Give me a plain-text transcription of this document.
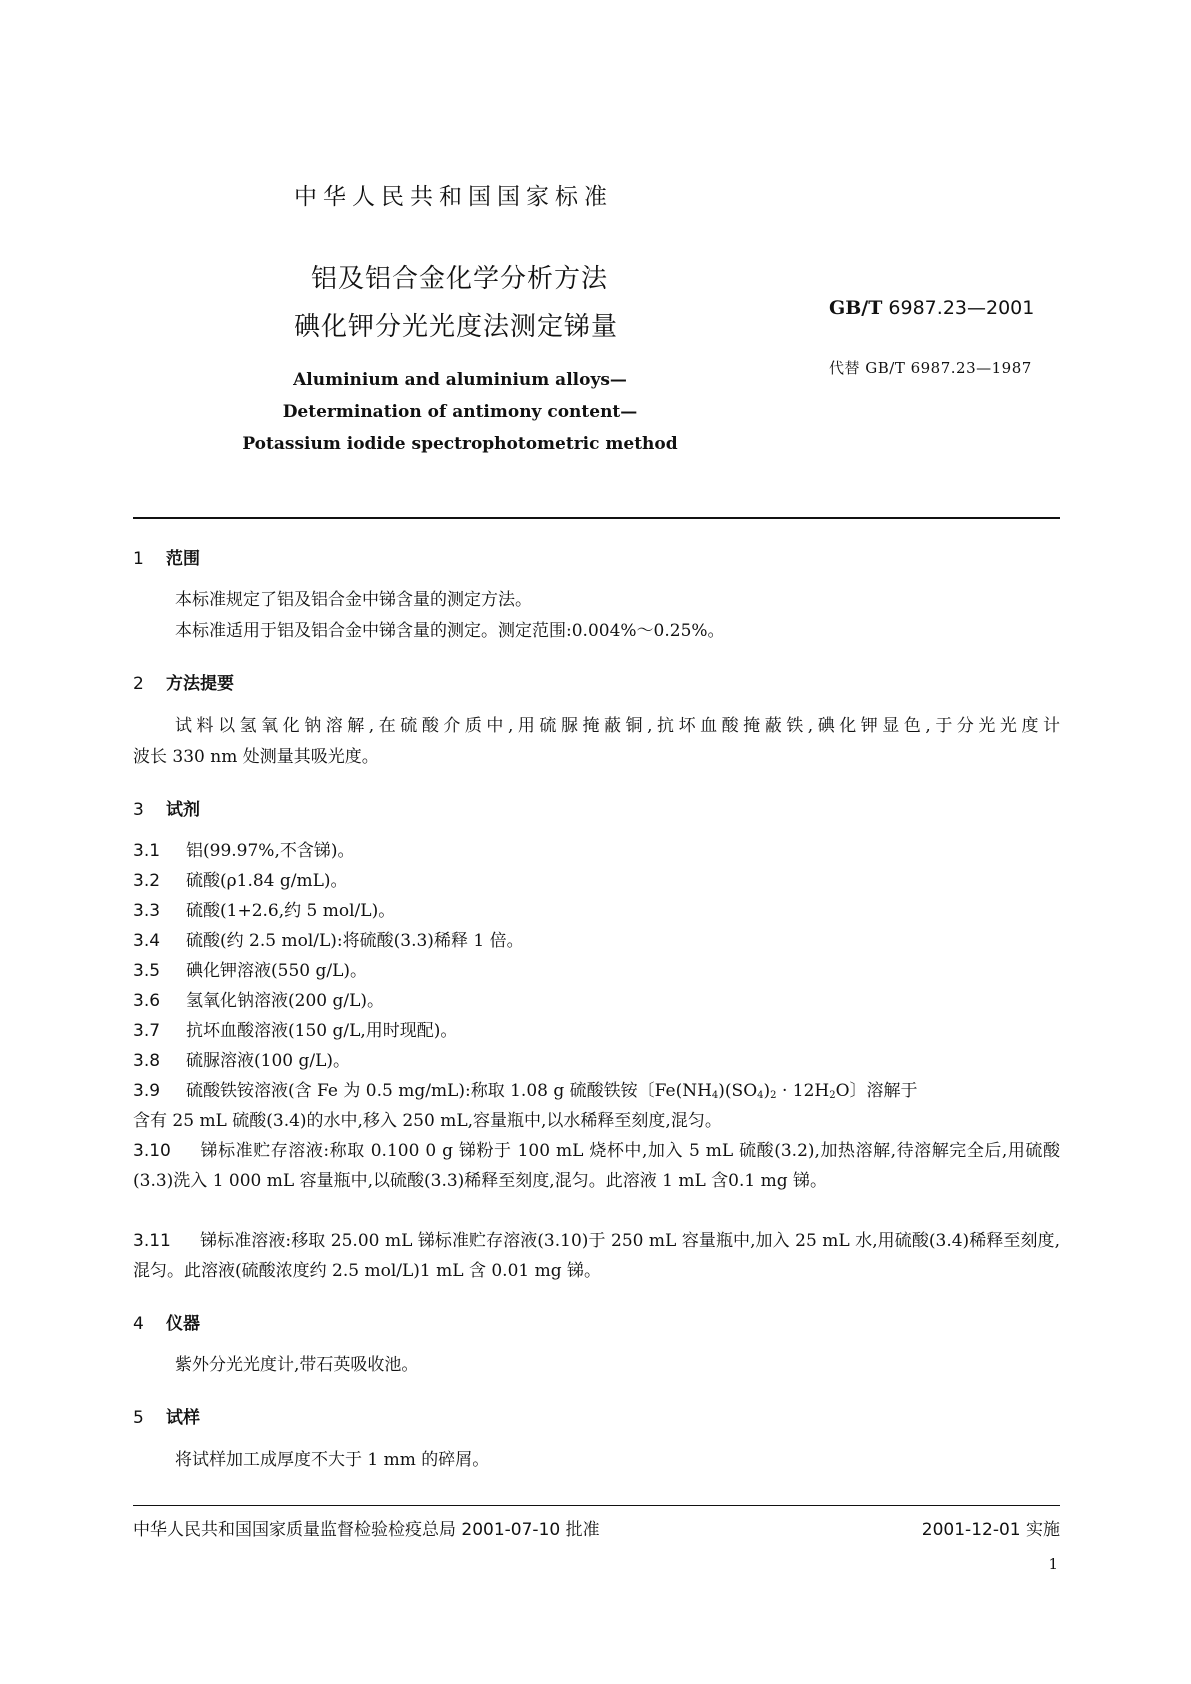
中华人民共和国国家标准
铝及铝合金化学分析方法
碘化钾分光光度法测定锑量
GB/T 6987.23—2001
代替 GB/T 6987.23—1987
Aluminium and aluminium alloys—
Determination of antimony content—
Potassium iodide spectrophotometric method
1 范围
本标准规定了铝及铝合金中锑含量的测定方法。
本标准适用于铝及铝合金中锑含量的测定。测定范围:0.004%～0.25%。
2 方法提要
试料以氢氧化钠溶解,在硫酸介质中,用硫脲掩蔽铜,抗坏血酸掩蔽铁,碘化钾显色,于分光光度计
波长 330 nm 处测量其吸光度。
3 试剂
3.1 铝(99.97%,不含锑)。
3.2 硫酸(ρ1.84 g/mL)。
3.3 硫酸(1+2.6,约 5 mol/L)。
3.4 硫酸(约 2.5 mol/L):将硫酸(3.3)稀释 1 倍。
3.5 碘化钾溶液(550 g/L)。
3.6 氢氧化钠溶液(200 g/L)。
3.7 抗坏血酸溶液(150 g/L,用时现配)。
3.8 硫脲溶液(100 g/L)。
3.9 硫酸铁铵溶液(含 Fe 为 0.5 mg/mL):称取 1.08 g 硫酸铁铵〔$Fe(NH_4)(SO_4)_2 \cdot 12H_2O$〕溶解于
含有 25 mL 硫酸(3.4)的水中,移入 250 mL,容量瓶中,以水稀释至刻度,混匀。
3.10 锑标准贮存溶液:称取 0.100 0 g 锑粉于 100 mL 烧杯中,加入 5 mL 硫酸(3.2),加热溶解,待溶解完全后,用硫酸(3.3)洗入 1 000 mL 容量瓶中,以硫酸(3.3)稀释至刻度,混匀。此溶液 1 mL 含0.1 mg 锑。
3.11 锑标准溶液:移取 25.00 mL 锑标准贮存溶液(3.10)于 250 mL 容量瓶中,加入 25 mL 水,用硫酸(3.4)稀释至刻度,混匀。此溶液(硫酸浓度约 2.5 mol/L)1 mL 含 0.01 mg 锑。
4 仪器
紫外分光光度计,带石英吸收池。
5 试样
将试样加工成厚度不大于 1 mm 的碎屑。
中华人民共和国国家质量监督检验检疫总局 2001-07-10 批准	2001-12-01 实施
1
